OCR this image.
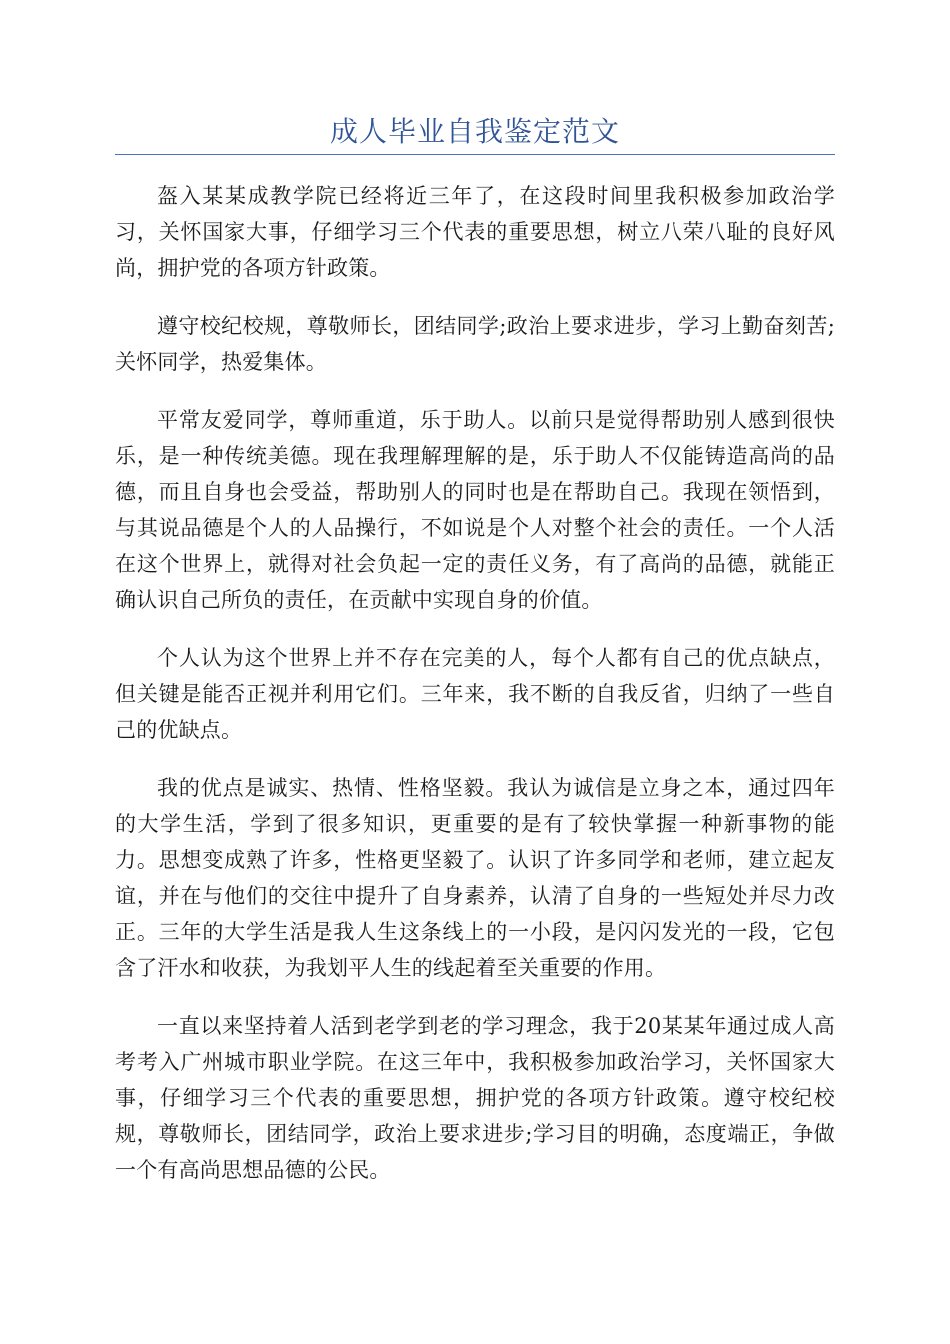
成人毕业自我鉴定范文

盔入某某成教学院已经将近三年了，在这段时间里我积极参加政治学习，关怀国家大事，仔细学习三个代表的重要思想，树立八荣八耻的良好风尚，拥护党的各项方针政策。

遵守校纪校规，尊敬师长，团结同学;政治上要求进步，学习上勤奋刻苦;关怀同学，热爱集体。

平常友爱同学，尊师重道，乐于助人。以前只是觉得帮助别人感到很快乐，是一种传统美德。现在我理解理解的是，乐于助人不仅能铸造高尚的品德，而且自身也会受益，帮助别人的同时也是在帮助自己。我现在领悟到，与其说品德是个人的人品操行，不如说是个人对整个社会的责任。一个人活在这个世界上，就得对社会负起一定的责任义务，有了高尚的品德，就能正确认识自己所负的责任，在贡献中实现自身的价值。

个人认为这个世界上并不存在完美的人，每个人都有自己的优点缺点，但关键是能否正视并利用它们。三年来，我不断的自我反省，归纳了一些自己的优缺点。

我的优点是诚实、热情、性格坚毅。我认为诚信是立身之本，通过四年的大学生活，学到了很多知识，更重要的是有了较快掌握一种新事物的能力。思想变成熟了许多，性格更坚毅了。认识了许多同学和老师，建立起友谊，并在与他们的交往中提升了自身素养，认清了自身的一些短处并尽力改正。三年的大学生活是我人生这条线上的一小段，是闪闪发光的一段，它包含了汗水和收获，为我划平人生的线起着至关重要的作用。

一直以来坚持着人活到老学到老的学习理念，我于20某某年通过成人高考考入广州城市职业学院。在这三年中，我积极参加政治学习，关怀国家大事，仔细学习三个代表的重要思想，拥护党的各项方针政策。遵守校纪校规，尊敬师长，团结同学，政治上要求进步;学习目的明确，态度端正，争做一个有高尚思想品德的公民。
